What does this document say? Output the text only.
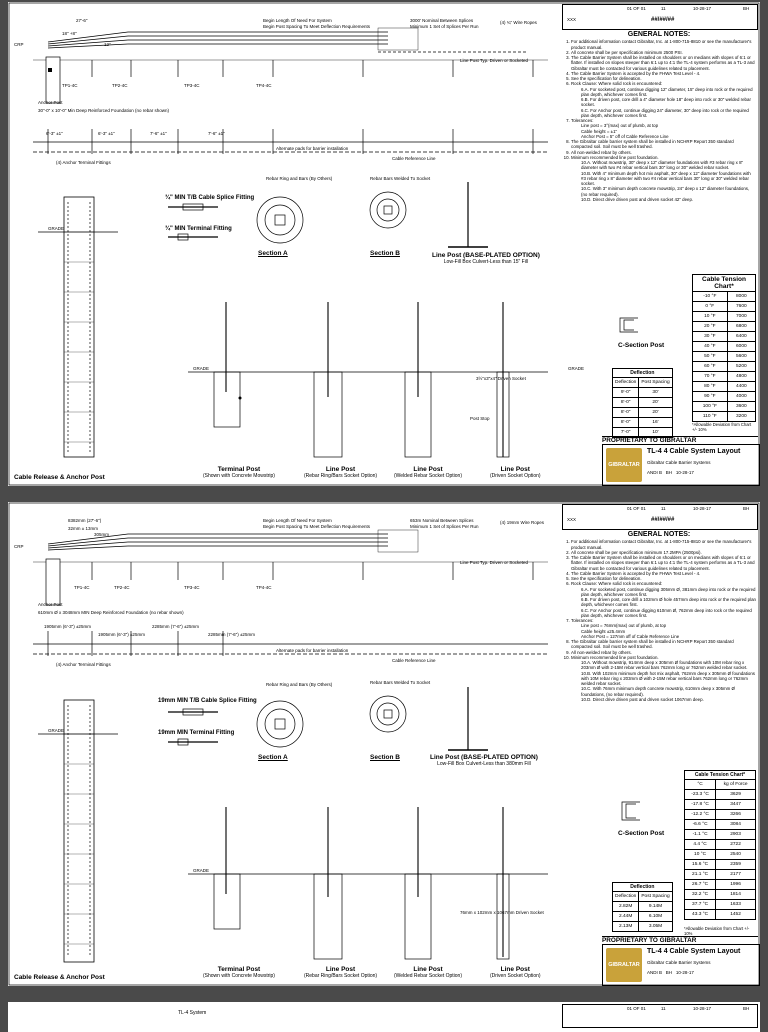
CRP
27'-6"
18" +8"
12"
Begin Length Of Need For System
Begin Post Spacing To Meet Deflection Requirements
3000' Nominal Between Splices
Minimum 1 Set of Splices Per Run
(4) ¾" Wire Ropes
Line Post Typ. Driven or Socketed
TP1-4C	TP2-4C	TP3-4C	TP4-4C
Anchor Post
30"-0" x 10'-0" Min Deep Reinforced Foundation (no rebar shown)
6'-3" ±1"	6'-3" ±1"	7'-6" ±1"	7'-6" ±1"
Alternate pads for barrier installation
Cable Reference Line
(4) Anchor Terminal Fittings
GRADE
Rebar Ring and Bars (By Others)	Rebar Bars Welded To Socket
GRADE	GRADE
Post Stop
3½"x3"x4" Driven Socket
01 OF 01	11	10-28-17	BH
XXX	##/##/##
GENERAL NOTES:
1. For additional information contact Gibraltar, Inc. at 1-800-715-8810 or see the manufacturer's product manual.
2. All concrete shall be per specification minimum 2500 PSI.
3. The Cable Barrier System shall be installed on shoulders or on medians with slopes of 6:1 or flatter. If installed on slopes steeper than 6:1 up to 4:1 the TL-4 system performs as a TL-3 and Gibraltar must be contacted for various guidelines related to placement.
4. The Cable Barrier System is accepted by the FHWA Test Level - 4.
5. See the specification for delineation.
6. Rock Clause: Where solid rock is encountered:
6.A. For socketed post, continue digging 12" diameter, 15" deep into rock or the required plan depth, whichever comes first.
6.B. For driven post, core drill a 4" diameter hole 18" deep into rock or 30" welded rebar socket.
6.C. For Anchor post, continue digging 24" diameter, 30" deep into rock or the required plan depth, whichever comes first.
7. Tolerances:
Line post = 3°(max) out of plumb, at top
Cable height = ±1"
Anchor Post = 5" off of Cable Reference Line
8. The Gibraltar cable barrier system shall be installed in NCHRP Report 350 standard compacted soil. Soil must be well trashed.
9. All non-welded rebar by others.
10. Minimum recommended line post foundation.
10.A. Without mowstrip, 30" deep x 12" diameter foundations with #3 rebar ring x 8" diameter with two #4 rebar vertical bars 30" long or 30" welded rebar socket.
10.B. With 4" minimum depth hot mix asphalt, 30" deep x 12" diameter foundations with #3 rebar ring x 8" diameter with two #4 rebar vertical bars 30" long or 30" welded rebar socket.
10.C. With 3" minimum depth concrete mowstrip, 24" deep x 12" diameter foundations, (no rebar required).
10.D. Direct drive driven post and driven socket 42" deep.
Cable Tension Chart*	
-10 °F	8000
0 °F	7600
10 °F	7000
20 °F	6800
30 °F	6400
40 °F	6000
50 °F	5600
60 °F	5200
70 °F	4800
80 °F	4400
90 °F	4000
100 °F	3600
110 °F	3200
*Allowable Deviation from Chart +/- 10%
Deflection	
Deflection	Post Spacing
9'-0"	30'
8'-0"	20'
8'-0"	20'
8'-0"	16'
7'-0"	10'
Cable Release & Anchor Post
Section A	Section B
¾" MIN T/B Cable Splice Fitting
¾" MIN Terminal Fitting
Line Post (BASE-PLATED OPTION)
Low-Fill Box Culvert-Less than 15" Fill
C-Section Post
Terminal Post
(Shown with Concrete Mowstrip)
Line Post
(Rebar Ring/Bars Socket Option)
Line Post
(Welded Rebar Socket Option)
Line Post
(Driven Socket Option)
PROPRIETARY TO GIBRALTAR
GIBRALTAR
TL-4 4 Cable System Layout
Gibraltar Cable Barrier Systems
ANDI B BH 10-28-17
CRP
8382mm (27'-6")
32mm ± 13mm
305mm
Begin Length Of Need For System
Begin Post Spacing To Meet Deflection Requirements
653m Nominal Between Splices
Minimum 1 Set of Splices Per Run
(4) 19mm Wire Ropes
Line Post Typ. Driven or Socketed
TP1-4C	TP2-4C	TP3-4C	TP4-4C
Anchor Post
610mm Ø x 3048mm MIN Deep Reinforced Foundation (no rebar shown)
1905mm (6'-3") ±25mm
1905mm (6'-3") ±25mm
2285mm (7'-6") ±25mm
2285mm (7'-6") ±25mm
Alternate pads for barrier installation
Cable Reference Line
(4) Anchor Terminal Fittings
GRADE
Rebar Ring and Bars (By Others)	Rebar Bars Welded To Socket
GRADE
76mm x 102mm x 1067mm Driven Socket
01 OF 01	11	10-28-17	BH
XXX	##/##/##
GENERAL NOTES:
1. For additional information contact Gibraltar, Inc. at 1-800-715-8810 or see the manufacturer's product manual.
2. All concrete shall be per specification minimum 17.2MPA (2500psi).
3. The Cable Barrier System shall be installed on shoulders or on medians with slopes of 6:1 or flatter. If installed on slopes steeper than 6:1 up to 4:1 the TL-4 system performs as a TL-3 and Gibraltar must be contacted for various guidelines related to placement.
4. The Cable Barrier System is accepted by the FHWA Test Level - 4.
5. See the specification for delineation.
6. Rock Clause: Where solid rock is encountered:
6.A. For socketed post, continue digging 305mm Ø, 381mm deep into rock or the required plan depth, whichever comes first.
6.B. For driven post, core drill a 102mm Ø hole 457mm deep into rock or the required plan depth, whichever comes first.
6.C. For Anchor post, continue digging 610mm Ø, 762mm deep into rock or the required plan depth, whichever comes first.
7. Tolerances:
Line post = 76mm(max) out of plumb, at top
Cable height ±25.4mm
Anchor Post = 127mm off of Cable Reference Line
8. The Gibraltar cable barrier system shall be installed in NCHRP Report 350 standard compacted soil. Soil must be well trashed.
9. All non-welded rebar by others.
10. Minimum recommended line post foundation.
10.A. Without mowstrip, 914mm deep x 305mm Ø foundations with 10M rebar ring x 203mm Ø with 2-15M rebar vertical bars 762mm long or 762mm welded rebar socket.
10.B. With 102mm minimum depth hot mix asphalt, 762mm deep x 305mm Ø foundations with 10M rebar ring x 203mm Ø with 2-15M rebar vertical bars 762mm long or 762mm welded rebar socket.
10.C. With 76mm minimum depth concrete mowstrip, 610mm deep x 305mm Ø foundations, (no rebar required).
10.D. Direct drive driven post and driven socket 1067mm deep.
Cable Tension Chart*	
°C	kg of Force
-23.3 °C	3629
-17.8 °C	3447
-12.2 °C	3266
-6.6 °C	3084
-1.1 °C	2903
4.4 °C	2722
10 °C	2540
15.6 °C	2359
21.1 °C	2177
26.7 °C	1996
32.2 °C	1814
37.7 °C	1633
43.3 °C	1452
*Allowable Deviation from Chart +/- 10%
Deflection	
Deflection	Post Spacing
2.82M	9.14M
2.44M	6.10M
2.13M	3.05M
Cable Release & Anchor Post
Section A	Section B
19mm MIN T/B Cable Splice Fitting
19mm MIN Terminal Fitting
Line Post (BASE-PLATED OPTION)
Low-Fill Box Culvert-Less than 380mm Fill
C-Section Post
Terminal Post
(Shown with Concrete Mowstrip)
Line Post
(Rebar Ring/Bars Socket Option)
Line Post
(Welded Rebar Socket Option)
Line Post
(Driven Socket Option)
PROPRIETARY TO GIBRALTAR
GIBRALTAR
TL-4 4 Cable System Layout
Gibraltar Cable Barrier Systems
ANDI B BH 10-28-17
TL-4 System
01 OF 01	11	10-28-17	BH
